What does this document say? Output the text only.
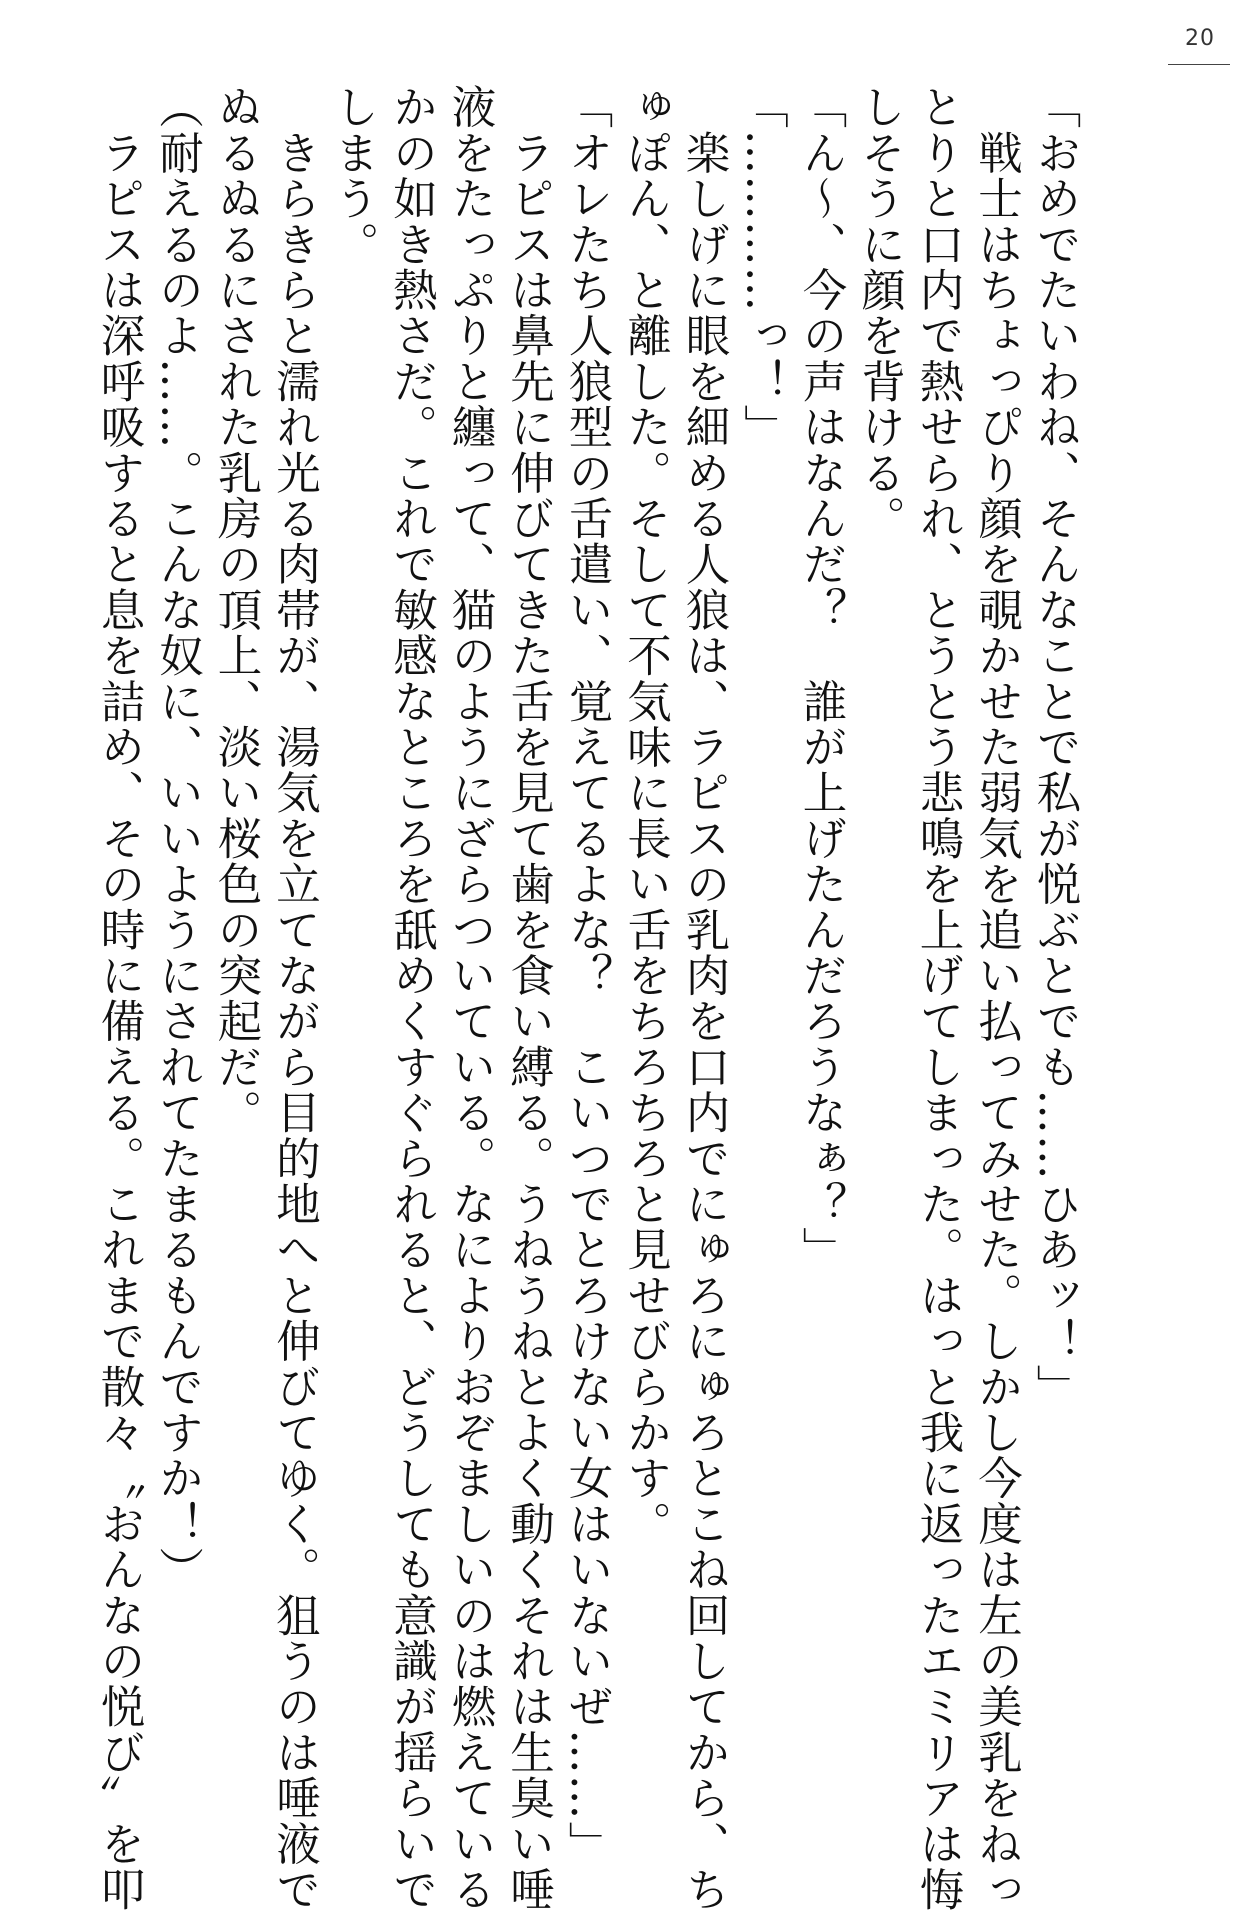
20

「おめでたいわね、そんなことで私が悦ぶとでも……ひあッ！」

　戦士はちょっぴり顔を覗かせた弱気を追い払ってみせた。しかし今度は左の美乳をねっ

とりと口内で熱せられ、とうとう悲鳴を上げてしまった。はっと我に返ったエミリアは悔

しそうに顔を背ける。

「ん～、今の声はなんだ？　誰が上げたんだろうなぁ？」

「…………っ！」

　楽しげに眼を細める人狼は、ラピスの乳肉を口内でにゅろにゅろとこね回してから、ち

ゅぽん、と離した。そして不気味に長い舌をちろちろと見せびらかす。

「オレたち人狼型の舌遣い、覚えてるよな？　こいつでとろけない女はいないぜ……」

　ラピスは鼻先に伸びてきた舌を見て歯を食い縛る。うねうねとよく動くそれは生臭い唾

液をたっぷりと纏って、猫のようにざらついている。なによりおぞましいのは燃えている

かの如き熱さだ。これで敏感なところを舐めくすぐられると、どうしても意識が揺らいで

しまう。

　きらきらと濡れ光る肉帯が、湯気を立てながら目的地へと伸びてゆく。狙うのは唾液で

ぬるぬるにされた乳房の頂上、淡い桜色の突起だ。

（耐えるのよ……。こんな奴に、いいようにされてたまるもんですか！）

　ラピスは深呼吸すると息を詰め、その時に備える。これまで散々〝おんなの悦び〟を叩
